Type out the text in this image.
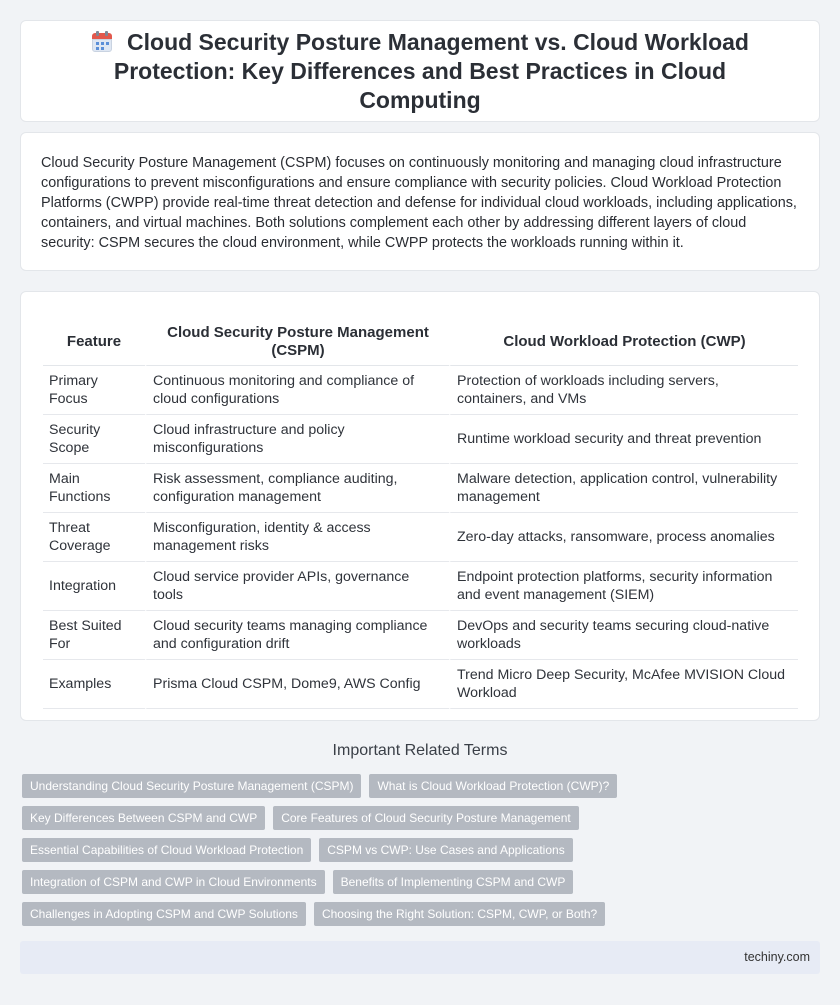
Cloud Security Posture Management vs. Cloud Workload Protection: Key Differences and Best Practices in Cloud Computing

Cloud Security Posture Management (CSPM) focuses on continuously monitoring and managing cloud infrastructure configurations to prevent misconfigurations and ensure compliance with security policies. Cloud Workload Protection Platforms (CWPP) provide real-time threat detection and defense for individual cloud workloads, including applications, containers, and virtual machines. Both solutions complement each other by addressing different layers of cloud security: CSPM secures the cloud environment, while CWPP protects the workloads running within it.

Feature	Cloud Security Posture Management (CSPM)	Cloud Workload Protection (CWP)
Primary Focus	Continuous monitoring and compliance of cloud configurations	Protection of workloads including servers, containers, and VMs
Security Scope	Cloud infrastructure and policy misconfigurations	Runtime workload security and threat prevention
Main Functions	Risk assessment, compliance auditing, configuration management	Malware detection, application control, vulnerability management
Threat Coverage	Misconfiguration, identity & access management risks	Zero-day attacks, ransomware, process anomalies
Integration	Cloud service provider APIs, governance tools	Endpoint protection platforms, security information and event management (SIEM)
Best Suited For	Cloud security teams managing compliance and configuration drift	DevOps and security teams securing cloud-native workloads
Examples	Prisma Cloud CSPM, Dome9, AWS Config	Trend Micro Deep Security, McAfee MVISION Cloud Workload
Important Related Terms
Understanding Cloud Security Posture Management (CSPM)	What is Cloud Workload Protection (CWP)?
Key Differences Between CSPM and CWP	Core Features of Cloud Security Posture Management
Essential Capabilities of Cloud Workload Protection	CSPM vs CWP: Use Cases and Applications
Integration of CSPM and CWP in Cloud Environments	Benefits of Implementing CSPM and CWP
Challenges in Adopting CSPM and CWP Solutions	Choosing the Right Solution: CSPM, CWP, or Both?
techiny.com
